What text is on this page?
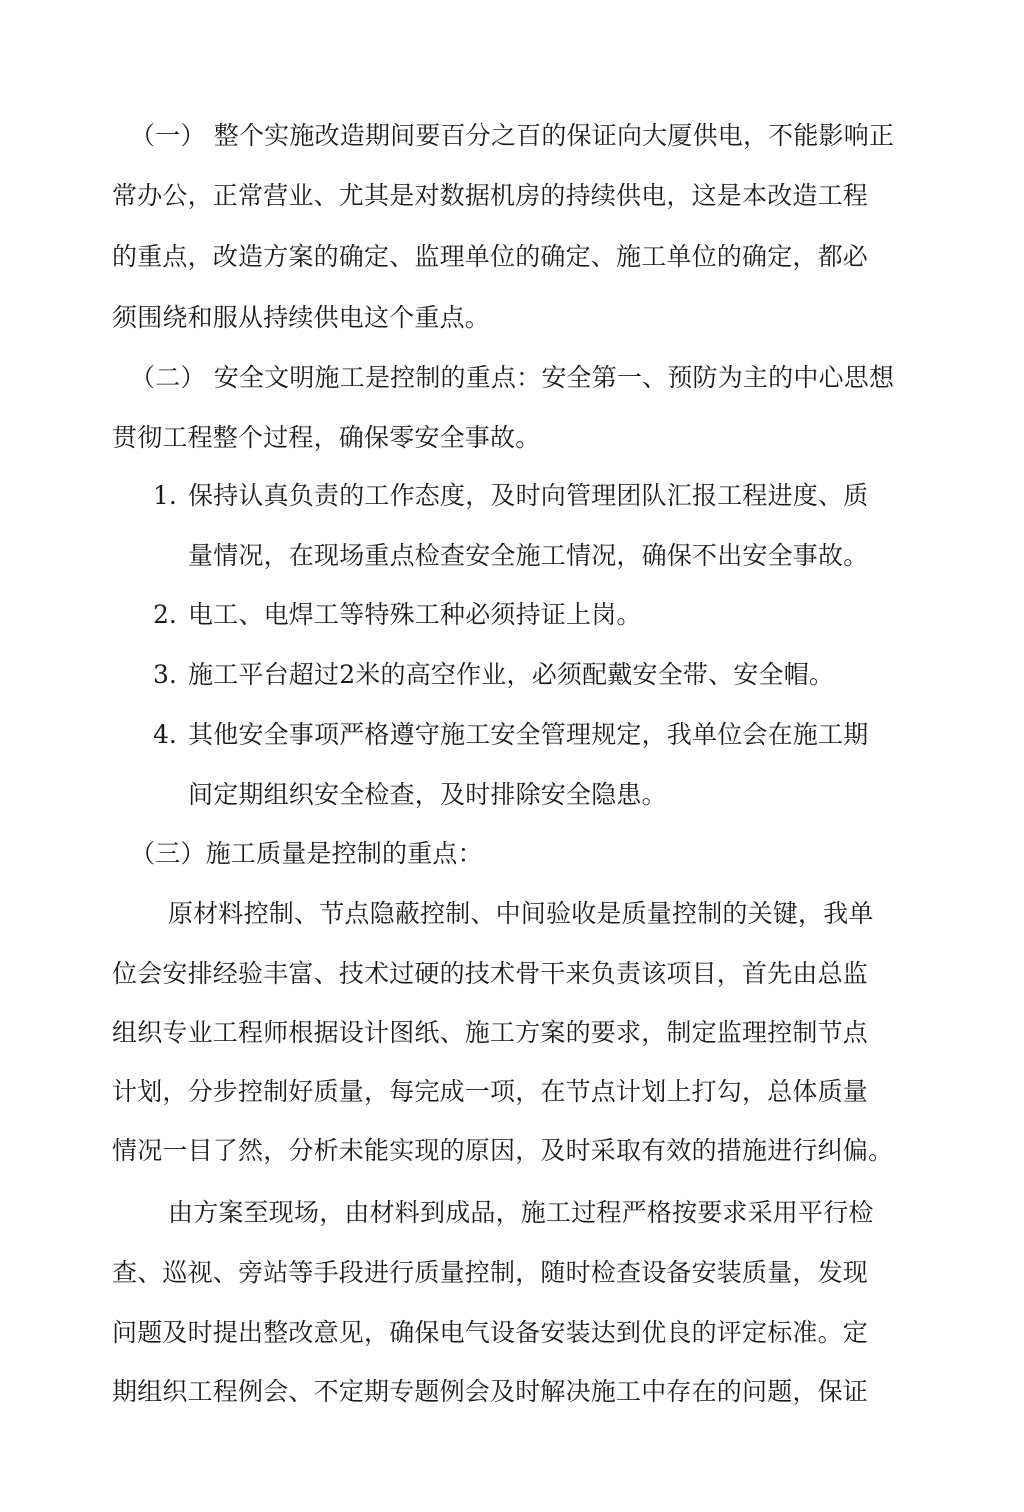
（一） 整个实施改造期间要百分之百的保证向大厦供电，不能影响正
常办公，正常营业、尤其是对数据机房的持续供电，这是本改造工程
的重点，改造方案的确定、监理单位的确定、施工单位的确定，都必
须围绕和服从持续供电这个重点。
（二） 安全文明施工是控制的重点：安全第一、预防为主的中心思想
贯彻工程整个过程，确保零安全事故。
1. 保持认真负责的工作态度，及时向管理团队汇报工程进度、质
量情况，在现场重点检查安全施工情况，确保不出安全事故。
2. 电工、电焊工等特殊工种必须持证上岗。
3. 施工平台超过2米的高空作业，必须配戴安全带、安全帽。
4. 其他安全事项严格遵守施工安全管理规定，我单位会在施工期
间定期组织安全检查，及时排除安全隐患。
（三）施工质量是控制的重点：
原材料控制、节点隐蔽控制、中间验收是质量控制的关键，我单
位会安排经验丰富、技术过硬的技术骨干来负责该项目，首先由总监
组织专业工程师根据设计图纸、施工方案的要求，制定监理控制节点
计划，分步控制好质量，每完成一项，在节点计划上打勾，总体质量
情况一目了然，分析未能实现的原因，及时采取有效的措施进行纠偏。
由方案至现场，由材料到成品，施工过程严格按要求采用平行检
查、巡视、旁站等手段进行质量控制，随时检查设备安装质量，发现
问题及时提出整改意见，确保电气设备安装达到优良的评定标准。定
期组织工程例会、不定期专题例会及时解决施工中存在的问题，保证
